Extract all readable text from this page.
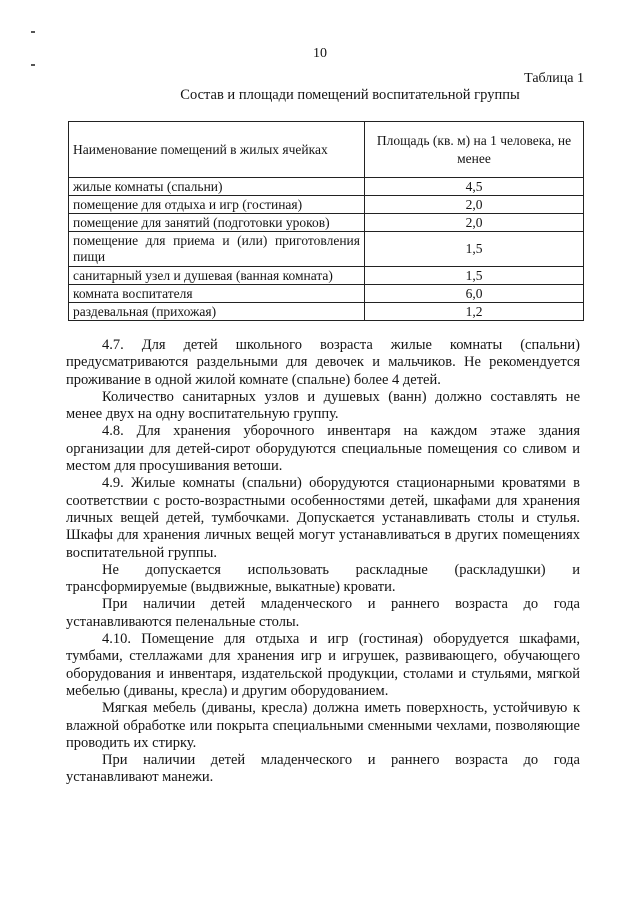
10
Таблица 1
Состав и площади помещений воспитательной группы
Наименование помещений в жилых ячейках	Площадь (кв. м) на 1 человека, не менее
жилые комнаты (спальни)	4,5
помещение для отдыха и игр (гостиная)	2,0
помещение для занятий (подготовки уроков)	2,0

помещение для приема и (или) приготовления пищи	1,5
санитарный узел и душевая (ванная комната)	1,5
комната воспитателя	6,0
раздевальная (прихожая)	1,2

4.7. Для детей школьного возраста жилые комнаты (спальни) предусматриваются раздельными для девочек и мальчиков. Не рекомендуется проживание в одной жилой комнате (спальне) более 4 детей.

Количество санитарных узлов и душевых (ванн) должно составлять не менее двух на одну воспитательную группу.

4.8. Для хранения уборочного инвентаря на каждом этаже здания организации для детей-сирот оборудуются специальные помещения со сливом и местом для просушивания ветоши.

4.9. Жилые комнаты (спальни) оборудуются стационарными кроватями в соответствии с росто-возрастными особенностями детей, шкафами для хранения личных вещей детей, тумбочками. Допускается устанавливать столы и стулья. Шкафы для хранения личных вещей могут устанавливаться в других помещениях воспитательной группы.

Не допускается использовать раскладные (раскладушки) и трансформируемые (выдвижные, выкатные) кровати.

При наличии детей младенческого и раннего возраста до года устанавливаются пеленальные столы.

4.10. Помещение для отдыха и игр (гостиная) оборудуется шкафами, тумбами, стеллажами для хранения игр и игрушек, развивающего, обучающего оборудования и инвентаря, издательской продукции, столами и стульями, мягкой мебелью (диваны, кресла) и другим оборудованием.

Мягкая мебель (диваны, кресла) должна иметь поверхность, устойчивую к влажной обработке или покрыта специальными сменными чехлами, позволяющие проводить их стирку.

При наличии детей младенческого и раннего возраста до года устанавливают манежи.
